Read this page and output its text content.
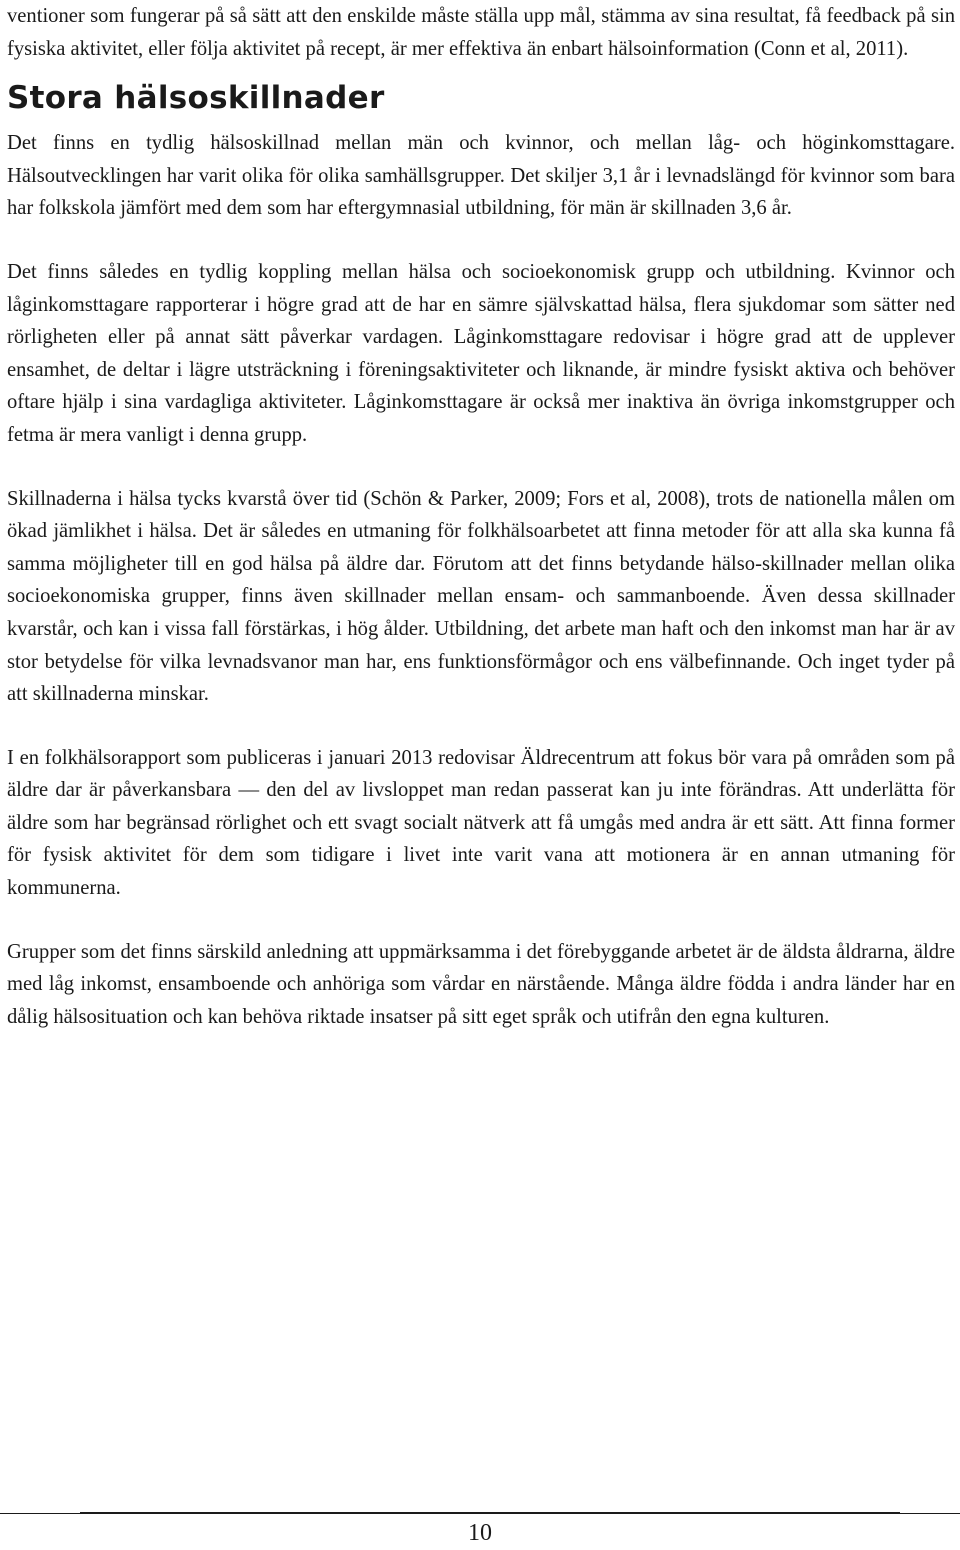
ventioner som fungerar på så sätt att den enskilde måste ställa upp mål, stämma av sina resultat, få feedback på sin fysiska aktivitet, eller följa aktivitet på recept, är mer effektiva än enbart hälsoinformation (Conn et al, 2011).

Stora hälsoskillnader

Det finns en tydlig hälsoskillnad mellan män och kvinnor, och mellan låg- och höginkomsttagare. Hälsoutvecklingen har varit olika för olika samhällsgrupper. Det skiljer 3,1 år i levnadslängd för kvinnor som bara har folkskola jämfört med dem som har eftergymnasial utbildning, för män är skillnaden 3,6 år.

Det finns således en tydlig koppling mellan hälsa och socioekonomisk grupp och utbildning. Kvinnor och låginkomsttagare rapporterar i högre grad att de har en sämre självskattad hälsa, flera sjukdomar som sätter ned rörligheten eller på annat sätt påverkar vardagen. Låginkomsttagare redovisar i högre grad att de upplever ensamhet, de deltar i lägre utsträckning i föreningsaktiviteter och liknande, är mindre fysiskt aktiva och behöver oftare hjälp i sina vardagliga aktiviteter. Låginkomsttagare är också mer inaktiva än övriga inkomstgrupper och fetma är mera vanligt i denna grupp.

Skillnaderna i hälsa tycks kvarstå över tid (Schön & Parker, 2009; Fors et al, 2008), trots de nationella målen om ökad jämlikhet i hälsa. Det är således en utmaning för folkhälsoarbetet att finna metoder för att alla ska kunna få samma möjligheter till en god hälsa på äldre dar. Förutom att det finns betydande hälso-skillnader mellan olika socioekonomiska grupper, finns även skillnader mellan ensam- och sammanboende. Även dessa skillnader kvarstår, och kan i vissa fall förstärkas, i hög ålder. Utbildning, det arbete man haft och den inkomst man har är av stor betydelse för vilka levnadsvanor man har, ens funktionsförmågor och ens välbefinnande. Och inget tyder på att skillnaderna minskar.

I en folkhälsorapport som publiceras i januari 2013 redovisar Äldrecentrum att fokus bör vara på områden som på äldre dar är påverkansbara — den del av livsloppet man redan passerat kan ju inte förändras. Att underlätta för äldre som har begränsad rörlighet och ett svagt socialt nätverk att få umgås med andra är ett sätt. Att finna former för fysisk aktivitet för dem som tidigare i livet inte varit vana att motionera är en annan utmaning för kommunerna.

Grupper som det finns särskild anledning att uppmärksamma i det förebyggande arbetet är de äldsta åldrarna, äldre med låg inkomst, ensamboende och anhöriga som vårdar en närstående. Många äldre födda i andra länder har en dålig hälsosituation och kan behöva riktade insatser på sitt eget språk och utifrån den egna kulturen.

10
